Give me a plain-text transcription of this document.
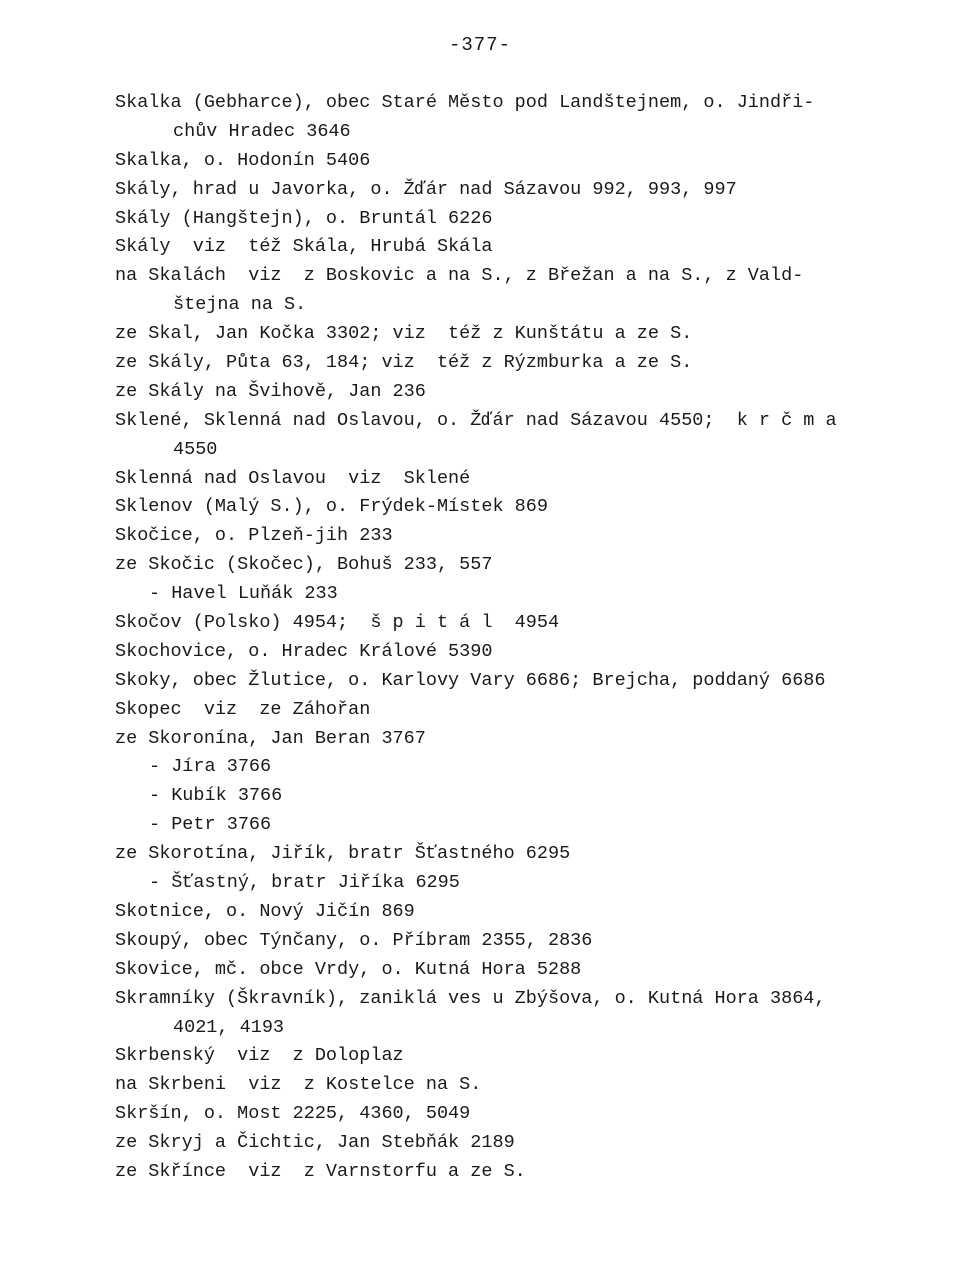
-377-
Skalka (Gebharce), obec Staré Město pod Landštejnem, o. Jindři-
chův Hradec 3646
Skalka, o. Hodonín 5406
Skály, hrad u Javorka, o. Žďár nad Sázavou 992, 993, 997
Skály (Hangštejn), o. Bruntál 6226
Skály  viz  též Skála, Hrubá Skála
na Skalách  viz  z Boskovic a na S., z Břežan a na S., z Vald-
štejna na S.
ze Skal, Jan Kočka 3302; viz  též z Kunštátu a ze S.
ze Skály, Půta 63, 184; viz  též z Rýzmburka a ze S.
ze Skály na Švihově, Jan 236
Sklené, Sklenná nad Oslavou, o. Žďár nad Sázavou 4550;  k r č m a
4550
Sklenná nad Oslavou  viz  Sklené
Sklenov (Malý S.), o. Frýdek-Místek 869
Skočice, o. Plzeň-jih 233
ze Skočic (Skočec), Bohuš 233, 557
- Havel Luňák 233
Skočov (Polsko) 4954;  š p i t á l  4954
Skochovice, o. Hradec Králové 5390
Skoky, obec Žlutice, o. Karlovy Vary 6686; Brejcha, poddaný 6686
Skopec  viz  ze Záhořan
ze Skoronína, Jan Beran 3767
- Jíra 3766
- Kubík 3766
- Petr 3766
ze Skorotína, Jiřík, bratr Šťastného 6295
- Šťastný, bratr Jiříka 6295
Skotnice, o. Nový Jičín 869
Skoupý, obec Týnčany, o. Příbram 2355, 2836
Skovice, mč. obce Vrdy, o. Kutná Hora 5288
Skramníky (Škravník), zaniklá ves u Zbýšova, o. Kutná Hora 3864,
4021, 4193
Skrbenský  viz  z Doloplaz
na Skrbeni  viz  z Kostelce na S.
Skršín, o. Most 2225, 4360, 5049
ze Skryj a Čichtic, Jan Stebňák 2189
ze Skřínce  viz  z Varnstorfu a ze S.
